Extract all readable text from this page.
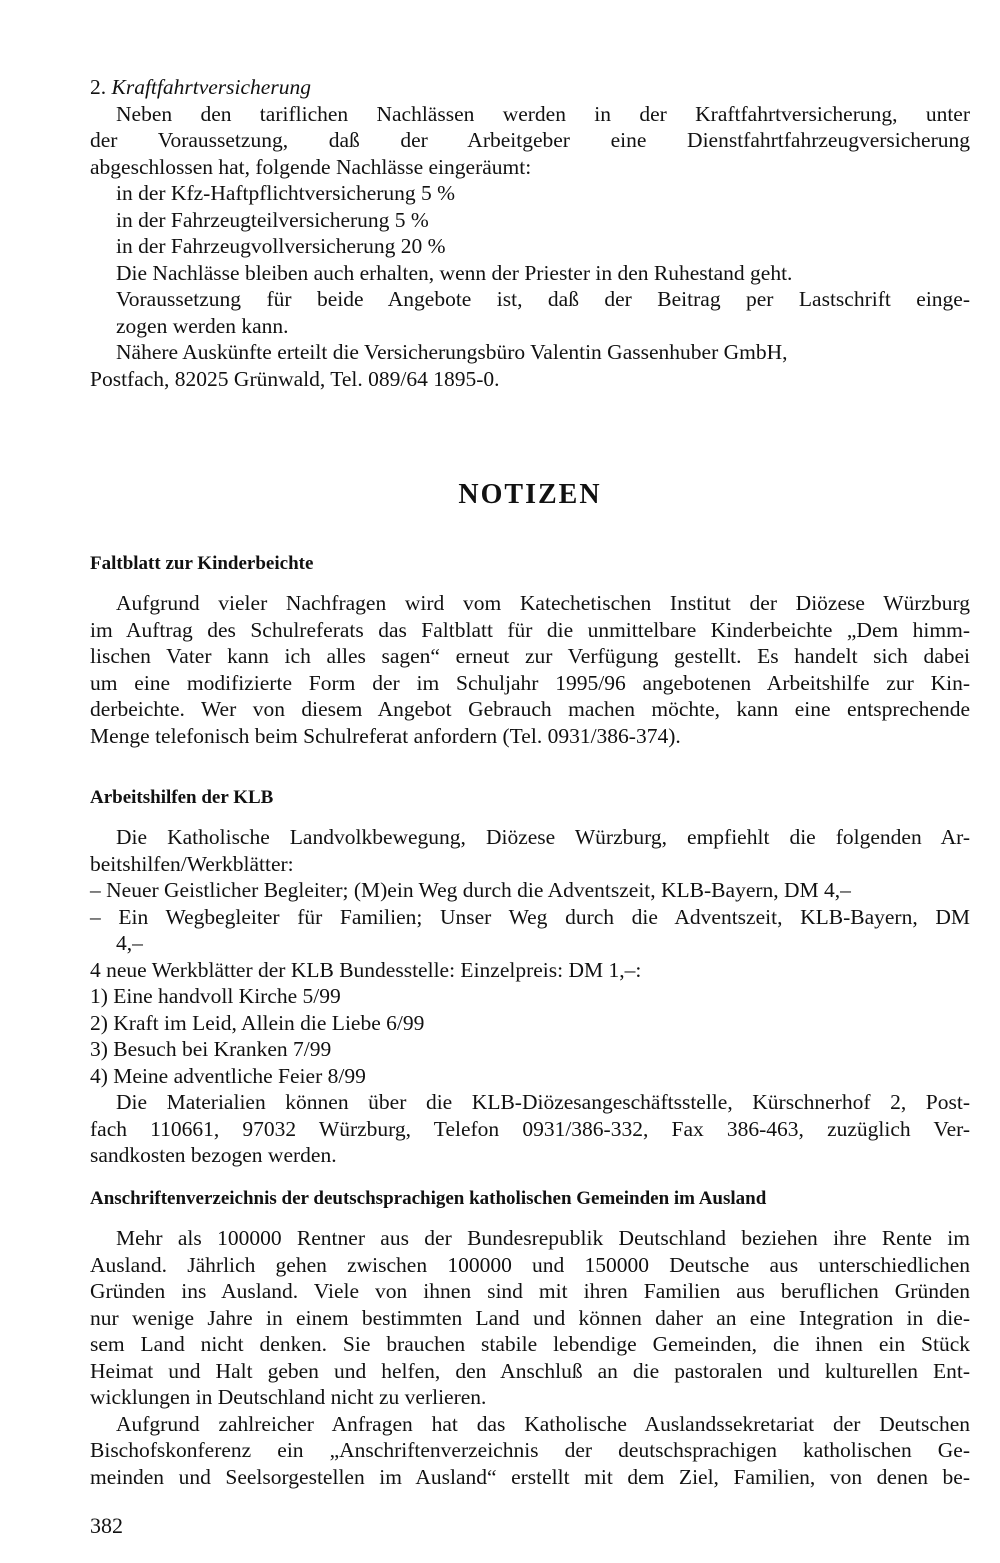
2. Kraftfahrtversicherung
Neben den tariflichen Nachlässen werden in der Kraftfahrtversicherung, unter
der Voraussetzung, daß der Arbeitgeber eine Dienstfahrtfahrzeugversicherung
abgeschlossen hat, folgende Nachlässe eingeräumt:
in der Kfz-Haftpflichtversicherung 5 %
in der Fahrzeugteilversicherung 5 %
in der Fahrzeugvollversicherung 20 %
Die Nachlässe bleiben auch erhalten, wenn der Priester in den Ruhestand geht.
Voraussetzung für beide Angebote ist, daß der Beitrag per Lastschrift einge-
zogen werden kann.
Nähere Auskünfte erteilt die Versicherungsbüro Valentin Gassenhuber GmbH,
Postfach, 82025 Grünwald, Tel. 089/64 1895-0.
NOTIZEN
Faltblatt zur Kinderbeichte
Aufgrund vieler Nachfragen wird vom Katechetischen Institut der Diözese Würzburg
im Auftrag des Schulreferats das Faltblatt für die unmittelbare Kinderbeichte „Dem himm-
lischen Vater kann ich alles sagen“ erneut zur Verfügung gestellt. Es handelt sich dabei
um eine modifizierte Form der im Schuljahr 1995/96 angebotenen Arbeitshilfe zur Kin-
derbeichte. Wer von diesem Angebot Gebrauch machen möchte, kann eine entsprechende
Menge telefonisch beim Schulreferat anfordern (Tel. 0931/386-374).
Arbeitshilfen der KLB
Die Katholische Landvolkbewegung, Diözese Würzburg, empfiehlt die folgenden Ar-
beitshilfen/Werkblätter:
– Neuer Geistlicher Begleiter; (M)ein Weg durch die Adventszeit, KLB-Bayern, DM 4,–
– Ein Wegbegleiter für Familien; Unser Weg durch die Adventszeit, KLB-Bayern, DM
4,–
4 neue Werkblätter der KLB Bundesstelle: Einzelpreis: DM 1,–:
1) Eine handvoll Kirche 5/99
2) Kraft im Leid, Allein die Liebe 6/99
3) Besuch bei Kranken 7/99
4) Meine adventliche Feier 8/99
Die Materialien können über die KLB-Diözesangeschäftsstelle, Kürschnerhof 2, Post-
fach 110661, 97032 Würzburg, Telefon 0931/386-332, Fax 386-463, zuzüglich Ver-
sandkosten bezogen werden.
Anschriftenverzeichnis der deutschsprachigen katholischen Gemeinden im Ausland
Mehr als 100000 Rentner aus der Bundesrepublik Deutschland beziehen ihre Rente im
Ausland. Jährlich gehen zwischen 100000 und 150000 Deutsche aus unterschiedlichen
Gründen ins Ausland. Viele von ihnen sind mit ihren Familien aus beruflichen Gründen
nur wenige Jahre in einem bestimmten Land und können daher an eine Integration in die-
sem Land nicht denken. Sie brauchen stabile lebendige Gemeinden, die ihnen ein Stück
Heimat und Halt geben und helfen, den Anschluß an die pastoralen und kulturellen Ent-
wicklungen in Deutschland nicht zu verlieren.
Aufgrund zahlreicher Anfragen hat das Katholische Auslandssekretariat der Deutschen
Bischofskonferenz ein „Anschriftenverzeichnis der deutschsprachigen katholischen Ge-
meinden und Seelsorgestellen im Ausland“ erstellt mit dem Ziel, Familien, von denen be-
382
